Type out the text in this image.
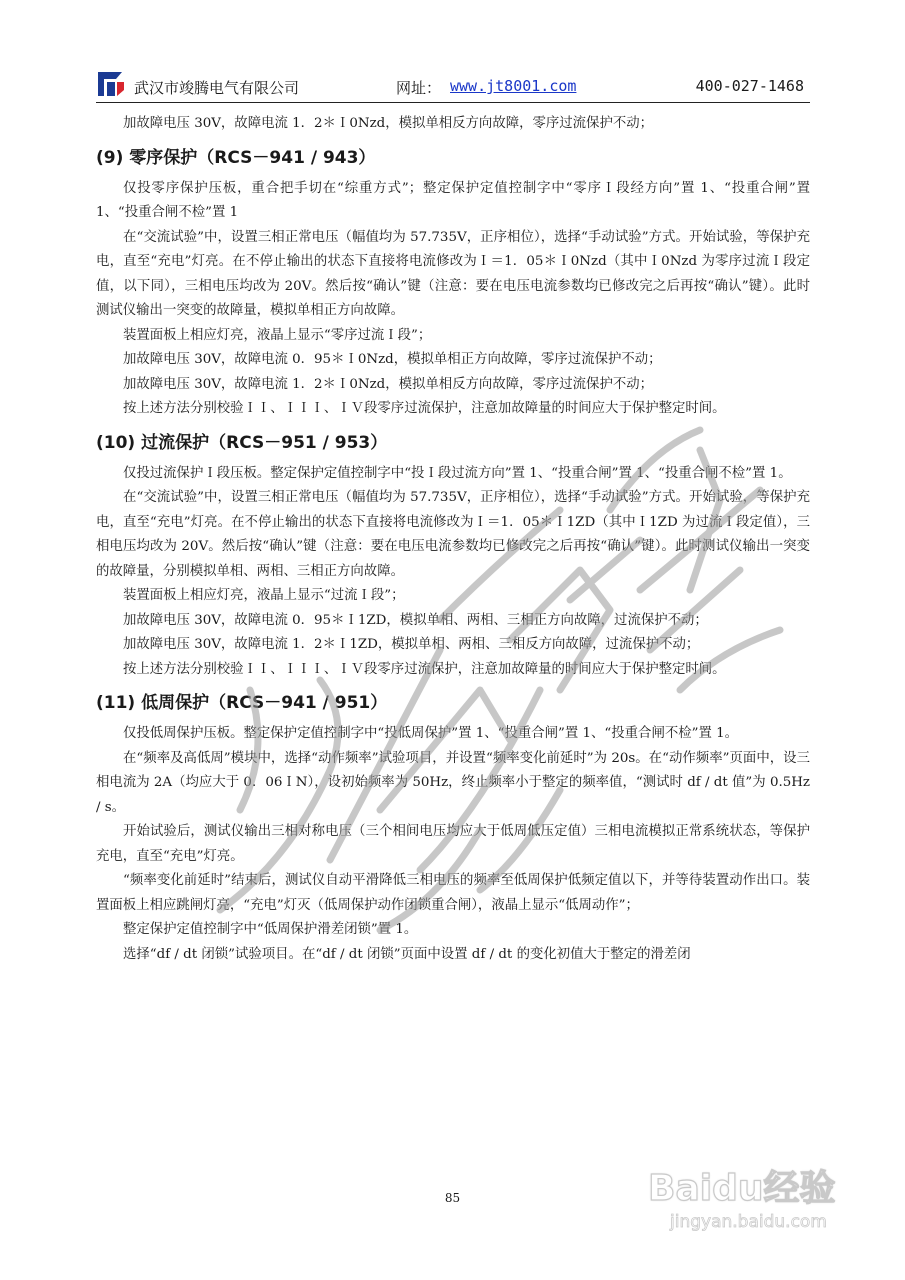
武汉市竣腾电气有限公司	网址： www.jt8001.com	400-027-1468

加故障电压 30V，故障电流 1．2＊Ｉ0Nzd，模拟单相反方向故障，零序过流保护不动；

(9) 零序保护（RCS－941 / 943）

仅投零序保护压板，重合把手切在“综重方式”；整定保护定值控制字中“零序Ｉ段经方向”置 1、“投重合闸”置 1、“投重合闸不检”置 1

在“交流试验”中，设置三相正常电压（幅值均为 57.735V，正序相位），选择“手动试验”方式。开始试验，等保护充电，直至“充电”灯亮。在不停止输出的状态下直接将电流修改为Ｉ＝1．05＊Ｉ0Nzd（其中Ｉ0Nzd 为零序过流Ｉ段定值，以下同），三相电压均改为 20V。然后按“确认”键（注意：要在电压电流参数均已修改完之后再按“确认”键）。此时测试仪输出一突变的故障量，模拟单相正方向故障。

装置面板上相应灯亮，液晶上显示“零序过流Ｉ段”；

加故障电压 30V，故障电流 0．95＊Ｉ0Nzd，模拟单相正方向故障，零序过流保护不动；

加故障电压 30V，故障电流 1．2＊Ｉ0Nzd，模拟单相反方向故障，零序过流保护不动；

按上述方法分别校验ＩＩ、ＩＩＩ、ＩＶ段零序过流保护，注意加故障量的时间应大于保护整定时间。

(10) 过流保护（RCS－951 / 953）

仅投过流保护Ｉ段压板。整定保护定值控制字中“投Ｉ段过流方向”置 1、“投重合闸”置 1、“投重合闸不检”置 1。

在“交流试验”中，设置三相正常电压（幅值均为 57.735V，正序相位），选择“手动试验”方式。开始试验，等保护充电，直至“充电”灯亮。在不停止输出的状态下直接将电流修改为Ｉ＝1．05＊Ｉ1ZD（其中Ｉ1ZD 为过流Ｉ段定值），三相电压均改为 20V。然后按“确认”键（注意：要在电压电流参数均已修改完之后再按“确认”键）。此时测试仪输出一突变的故障量，分别模拟单相、两相、三相正方向故障。

装置面板上相应灯亮，液晶上显示“过流Ｉ段”；

加故障电压 30V，故障电流 0．95＊Ｉ1ZD，模拟单相、两相、三相正方向故障，过流保护不动；

加故障电压 30V，故障电流 1．2＊Ｉ1ZD，模拟单相、两相、三相反方向故障，过流保护不动；

按上述方法分别校验ＩＩ、ＩＩＩ、ＩＶ段零序过流保护，注意加故障量的时间应大于保护整定时间。

(11) 低周保护（RCS－941 / 951）

仅投低周保护压板。整定保护定值控制字中“投低周保护”置 1、“投重合闸”置 1、“投重合闸不检”置 1。

在“频率及高低周”模块中，选择“动作频率”试验项目，并设置“频率变化前延时”为 20s。在“动作频率”页面中，设三相电流为 2A（均应大于 0．06ＩN），设初始频率为 50Hz，终止频率小于整定的频率值，“测试时 df / dt 值”为 0.5Hz / s。

开始试验后，测试仪输出三相对称电压（三个相间电压均应大于低周低压定值）三相电流模拟正常系统状态，等保护充电，直至“充电”灯亮。

“频率变化前延时”结束后，测试仪自动平滑降低三相电压的频率至低周保护低频定值以下，并等待装置动作出口。装置面板上相应跳闸灯亮，“充电”灯灭（低周保护动作闭锁重合闸），液晶上显示“低周动作”；

整定保护定值控制字中“低周保护滑差闭锁”置 1。

选择“df / dt 闭锁”试验项目。在“df / dt 闭锁”页面中设置 df / dt 的变化初值大于整定的滑差闭

竣腾电气
85	Baidu经验
jingyan.baidu.com
